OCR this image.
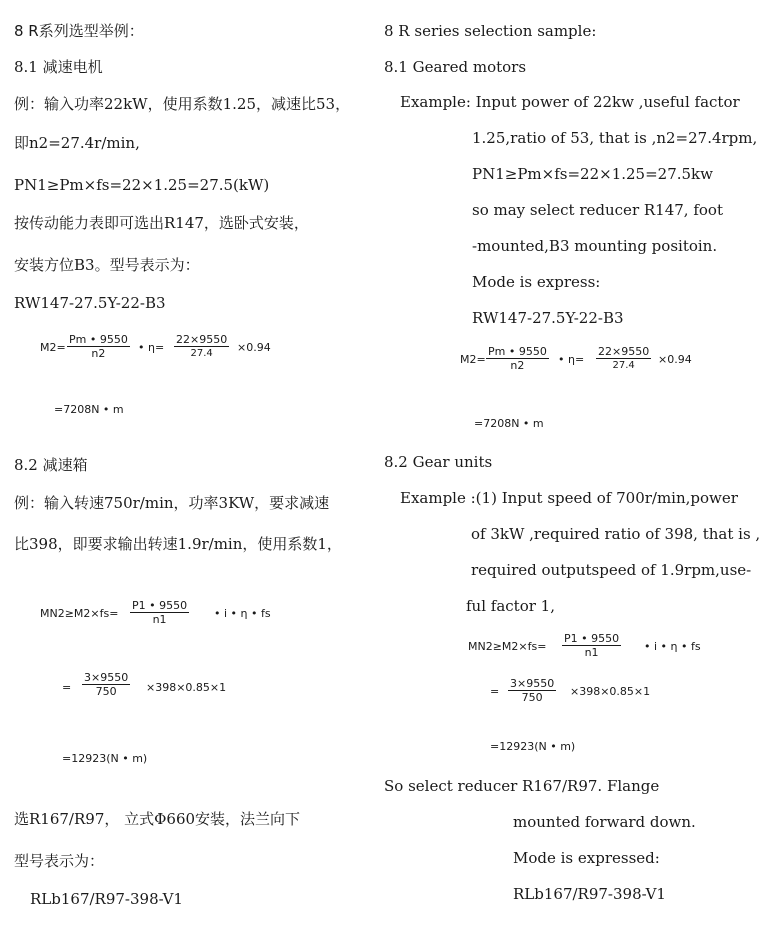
8 R系列选型举例：
8.1 减速电机
例：输入功率22kW，使用系数1.25，减速比53，
即n2=27.4r/min,
PN1≥Pm×fs=22×1.25=27.5(kW)
按传动能力表即可选出R147，选卧式安装，
安装方位B3。型号表示为：
RW147-27.5Y-22-B3
$M2= \frac{Pm • 9550}{n2}$ • $\eta= \frac{22\times 9550}{27.4} \times 0.94$
=7208N • m
8.2 减速箱
例：输入转速750r/min，功率3KW，要求减速
比398，即要求输出转速1.9r/min，使用系数1，
$MN2\ge M2\times fs= \frac{P1 • 9550}{n1}$ • i • η • fs
= $\frac{3\times 9550}{750} \times 398\times 0.85\times 1$
=12923(N • m)
选R167/R97， 立式Φ660安装，法兰向下
型号表示为：
RLb167/R97-398-V1
8 R series selection sample:
8.1 Geared motors
Example: Input power of 22kw ,useful factor
1.25,ratio of 53, that is ,n2=27.4rpm,
PN1≥Pm×fs=22×1.25=27.5kw
so may select reducer R147, foot
-mounted,B3 mounting positoin.
Mode is express:
RW147-27.5Y-22-B3
$M2= \frac{Pm • 9550}{n2}$ • $\eta= \frac{22\times 9550}{27.4} \times 0.94$
=7208N • m
8.2 Gear units
Example :(1) Input speed of 700r/min,power
of 3kW ,required ratio of 398, that is ,
required outputspeed of 1.9rpm,use-
ful factor 1,
$MN2\ge M2\times fs= \frac{P1 • 9550}{n1}$ • i • η • fs
= $\frac{3\times 9550}{750} \times 398\times 0.85\times 1$
=12923(N • m)
So select reducer R167/R97. Flange
mounted forward down.
Mode is expressed:
RLb167/R97-398-V1
